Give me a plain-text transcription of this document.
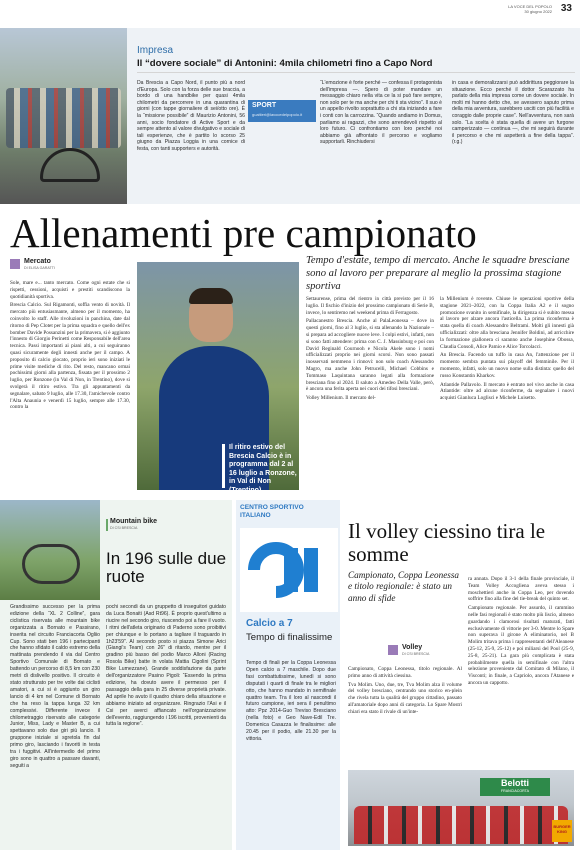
LA VOCE DEL POPOLO
30 giugno 2022 33
Impresa
Il “dovere sociale” di Antonini: 4mila chilometri fino a Capo Nord
Da Brescia a Capo Nord, il punto più a nord d'Europa. Solo con la forza delle sue braccia, a bordo di una handbike per quasi 4mila chilometri da percorrere in una quarantina di giorni (con tappe giornaliere di sei/otto ore). È la “missione possibile” di Maurizio Antonini, 56 anni, socio fondatore di Active Sport e da sempre attento al valore divulgativo e sociale di tali esperienze, che è partito lo scorso 25 giugno da Piazza Loggia in una cornice di festa, con tanti supporters e autorità.
SPORT
gualtieri@lavocedelpopolo.it
“L'emozione è forte perché — confessa il protagonista dell'impresa —. Spero di poter mandare un messaggio chiaro nella vita ce la si può fare sempre, non solo per te ma anche per chi ti sta vicino”. Il suo è un appello rivolto soprattutto a chi sta iniziando a fare i conti con la carrozzina. “Quando andiamo in Domus, parliamo ai ragazzi, che sono arrendevoli rispetto al loro futuro. Ci confrontiamo con loro perché noi abbiamo già affrontato il percorso e vogliamo supportarli. Rinchiudersi
in casa e demoralizzarsi può addirittura peggiorare la situazione. Ecco perché il dottor Scarazzato ha parlato della mia impresa come un dovere sociale. In molti mi hanno detto che, se avessero saputo prima della mia avventura, sarebbero usciti con più facilità e coraggio dalle proprie case”. Nell'avventura, non sarà solo. “La scelta è stata quella di avere un furgone camperizzato — continua —, che mi seguirà durante il percorso e che mi aspetterà a fine della tappa”. (r.g.)
Allenamenti pre campionato
Mercato
DI ELISA GARATTI
Tempo d'estate, tempo di mercato. Anche le squadre bresciane sono al lavoro per preparare al meglio la prossima stagione sportiva

Sole, mare e... tanto mercato. Come ogni estate che si rispetti, cessioni, acquisti e prestiti scandiscono la quotidianità sportiva.

Brescia Calcio. Sul Rigamonti, soffia vento di novità. Il mercato più entusiasmante, almeno per il momento, ha coinvolto lo staff. Alle rivoluzioni in panchina, date dal ritorno di Pep Clotet per la prima squadra e quello dell'ex bomber Davide Possanzini per la primavera, si è aggiunto l'innesto di Giorgio Perinetti come Responsabile dell'area tecnica. Passi importanti ai piani alti, a cui seguiranno quasi sicuramente degli innesti anche per il campo. A proposito di calcio giocato, proprio ieri sono iniziati le prime visite mediche di rito. Del resto, mancano ormai pochissimi giorni alla partenza, fissata per il prossimo 2 luglio, per Ronzone (in Val di Non, in Trentino), dove si svolgerà il ritiro estivo. Tra gli appuntamenti da segnalare, sabato 9 luglio, alle 17.30, l'amichevole contro l'Alta Anaunia e venerdì 15 luglio, sempre alle 17.30, contro la

Il ritiro estivo del Brescia Calcio è in programma dal 2 al 16 luglio a Ronzone, in Val di Non (Trentino)

Settaurense, prima del rientro in città previsto per il 16 luglio. Il fischio d'inizio del prossimo campionato di Serie B, invece, lo sentiremo nel weekend prima di Ferragosto.

Pallacanestro Brescia. Anche al PalaLeonessa – dove in questi giorni, fino al 3 luglio, si sta allenando la Nazionale – si prepara ad accogliere nuove leve. I colpi estivi, infatti, non si sono fatti attendere: prima con C. J. Massinburg e poi con David Reginald Cournooh e Nicola Akele sono i nomi ufficializzati proprio nei giorni scorsi. Non sono passati inosservati nemmeno i rinnovi: non solo coach Alessandro Magro, ma anche John Petrucelli, Michael Cobbins e Tommaso Laquintana saranno legati alla formazione bresciana fino al 2024. Il saluto a Amedeo Della Valle, però, è ancora una ferita aperta nei cuori dei tifosi bresciani.

Volley Millenium. Il mercato del-

la Millenium è rovente. Chiuse le operazioni sportive della stagione 2021–2022, con la Coppa Italia A2 e il sogno promozione svanito in semifinale, la dirigenza si è subito messa al lavoro per alzare ancora l'asticella. La prima riconferma è stata quella di coach Alessandro Beltrami. Molti gli innesti già ufficializzati: oltre alla bresciana Jennifer Boldini, ad arricchire la formazione giallonera ci saranno anche Josephine Obossa, Claudia Consoli, Alice Pamio e Alice Torcolacci.

An Brescia. Facendo un tuffo in casa An, l'attenzione per il momento sembra puntata sui playoff del femminile. Per il momento, infatti, solo un nuovo nome sulla distinta: quello del russo Konstantin Kharkov.

Atlantide Pallavolo. Il mercato è entrato nel vivo anche in casa Atlantide: oltre ad alcune riconferme, da segnalare i nuovi acquisti Gianluca Loglisci e Michele Luisetto.

Mountain bike
DI CSI BRESCIA
In 196 sulle due ruote
Grandissimo successo per la prima edizione della “XL 2 Colline”, gara ciclistica riservata alle mountain bike organizzata a Bornato e Passirano, inserita nel circuito Franciacorta Ogliio Cup. Sono stati ben 196 i partecipanti che hanno sfidato il caldo estremo della mattinata prendendo il via dal Centro Sportivo Comunale di Bornato e battendo un percorso di 8,5 km con 230 metri di dislivello positivo. Il circuito è stato strutturato per tre volte dai ciclisti amatori, a cui si è aggiunto un giro lancio di 4 km nel Comune di Bornato che ha reso la tappa lunga 32 km complessivi. Differente invece il chilometraggio riservato alle categorie Junior, Miss, Lady e Master B, a cui spettavano solo due giri più lancio. Il gruppone iniziale si sgretola fin dal primo giro, lasciando i favoriti in testa tra i fuggitivi. All'intermedio del primo giro sono in quattro a passare davanti, seguiti a
pochi secondi da un gruppetto di inseguitori guidato da Luca Bonaiti (Asd Rt96). È proprio quest'ultimo a riucire nel secondo giro, riuscendo poi a fare il vuoto. I ritmi dell'atleta originario di Paderno sono proibitivi per chiunque e lo portano a tagliare il traguardo in 1h23'59". Al secondo posto si piazza Simone Arici (Giangi's Team) con 26" di ritardo, mentre per il gradino più basso del podio Marco Alloni (Racing Rosola Bike) batte in volata Mattia Cigolini (Sprint Bike Lumezzane). Grande soddisfazione da parte dell'organizzatore Pasino Pigoli: “Essendo la prima edizione, ha dovuto avere il permesso per il passaggio della gara in 25 diverse proprietà private. Ad aprile ho avuto il quadro chiaro della situazione e abbiamo iniziato ad organizzare. Ringrazio l'Asi e il Csi per averci affiancato nell'organizzazione dell'evento, raggiungendo i 196 iscritti, provenienti da tutta la regione”.
CENTRO SPORTIVO ITALIANO
Calcio a 7
Tempo di finalissime
Tempo di finali per la Coppa Leonessa Open calcio a 7 maschile. Dopo due fasi combattutissime, lunedì si sono disputati i quarti di finale tra le migliori otto, che hanno mandato in semifinale quattro team. Tra il loro al nascondi il futuro campione, ieri sera il penultimo atto: Ppz 2014-Guo Treviso Bresciano (nella foto) e Geo Nave-Edil Tre. Domenica Casazza le finalissime: alle 20.45 per il podio, alle 21.30 per la vittoria.
Il volley ciessino tira le somme
Campionato, Coppa Leonessa e titolo regionale: è stato un anno di sfide
Volley
DI CSI BRESCIA

Campionato, Coppa Leonessa, titolo regionale. Al primo anno di attività ciessina.

Tva Molim. Uno, due, tre, Tva Molim alza il volume del volley bresciano, centrando uno storico en-plein che rivela tutta la qualità del gruppo cittadino, passato all'amatoriale dopo anni di categoria. Lo Spare Mostri chiari era stato il rivale di un'inte-

ra annata. Dopo il 3-1 della finale provinciale, il Team Volley Accogliena aveva stesso i moschettieri anche in Coppa Leo, per dovendo soffrire fino alla fine del tie-break del quinto set.

Campionato regionale. Per assurdo, il cammino nelle fasi regionali è stato molto più liscio, almeno guardando i clamorosi risultati maturati, fatti esclusivamente di vittorie per 3-0. Mentre lo Spare non superava il girone A eliminatorio, nel B Molim tritava prima i rappresentanti dell'Aleanese (25-12, 25-9, 25-12) e poi miliarsi del Pool (25-9, 25-8, 25-21). La gara più complicata è stata probabilmente quella in semifinale con l'altra selezione proveniente dal Comitato di Milano, il Visconti; in finale, a Capriolo, ancora l'Atanese e ancora un cappotto.

Belotti
FRANCIACORTA
BURGER KING
